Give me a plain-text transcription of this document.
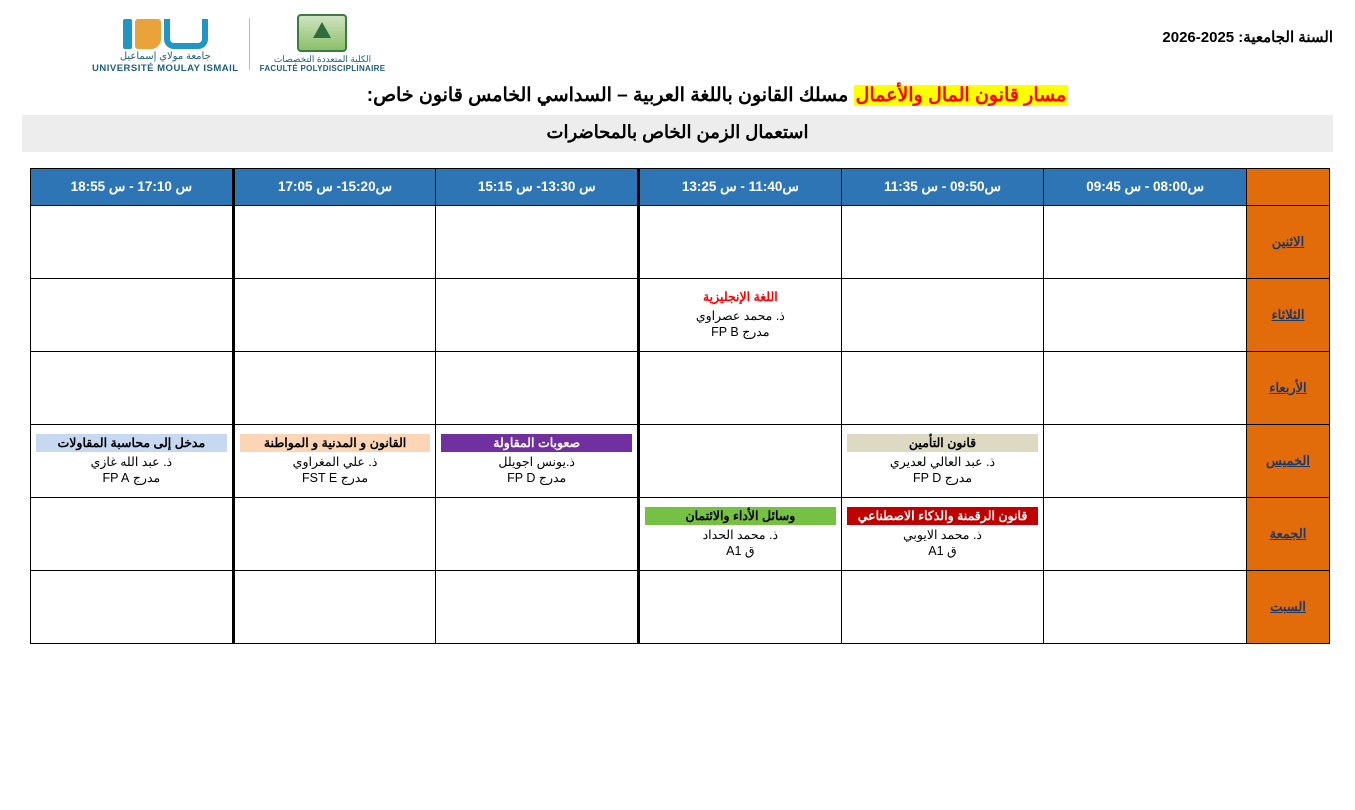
السنة الجامعية: 2025-2026
جامعة مولاي إسماعيل
UNIVERSITÉ MOULAY ISMAIL
الكلية المتعددة التخصصات
FACULTÉ POLYDISCIPLINAIRE
مسار قانون المال والأعمال مسلك القانون باللغة العربية – السداسي الخامس قانون خاص:
استعمال الزمن الخاص بالمحاضرات
	س08:00 - س 09:45	س09:50 - س 11:35	س11:40 - س 13:25	س 13:30- س 15:15	س15:20- س 17:05	س 17:10 - س 18:55
الاثنين						
الثلاثاء			اللغة الإنجليزية
ذ. محمد عصراوي
مدرج FP B			

الأربعاء						
الخميس		قانون التأمين
ذ. عبد العالي لعديري
مدرج FP D		صعوبات المقاولة
ذ.يونس اجويلل
مدرج FP D	القانون و المدنية و المواطنة
ذ. علي المغراوي
مدرج FST E	مدخل إلى محاسبة المقاولات
ذ. عبد الله غازي
مدرج FP A

الجمعة		قانون الرقمنة والذكاء الاصطناعي
ذ. محمد الايوبي
ق A1	وسائل الأداء والائتمان
ذ. محمد الحداد
ق A1			

السبت						
